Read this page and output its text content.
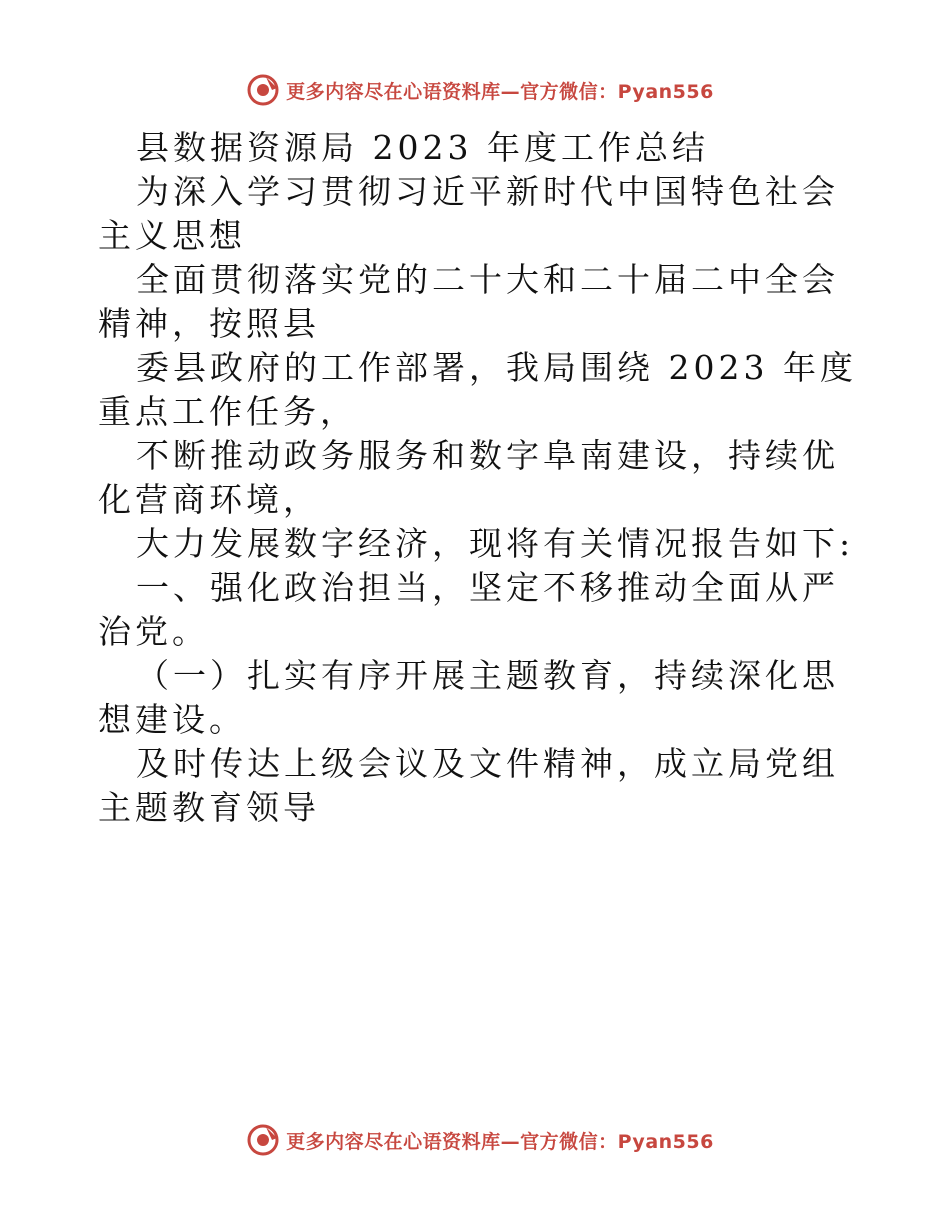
更多内容尽在心语资料库—官方微信：Pyan556

县数据资源局 2023 年度工作总结

为深入学习贯彻习近平新时代中国特色社会主义思想

全面贯彻落实党的二十大和二十届二中全会精神，按照县

委县政府的工作部署，我局围绕 2023 年度重点工作任务，

不断推动政务服务和数字阜南建设，持续优化营商环境，

大力发展数字经济，现将有关情况报告如下:

一、强化政治担当，坚定不移推动全面从严治党。

（一）扎实有序开展主题教育，持续深化思想建设。

及时传达上级会议及文件精神，成立局党组主题教育领导

更多内容尽在心语资料库—官方微信：Pyan556
